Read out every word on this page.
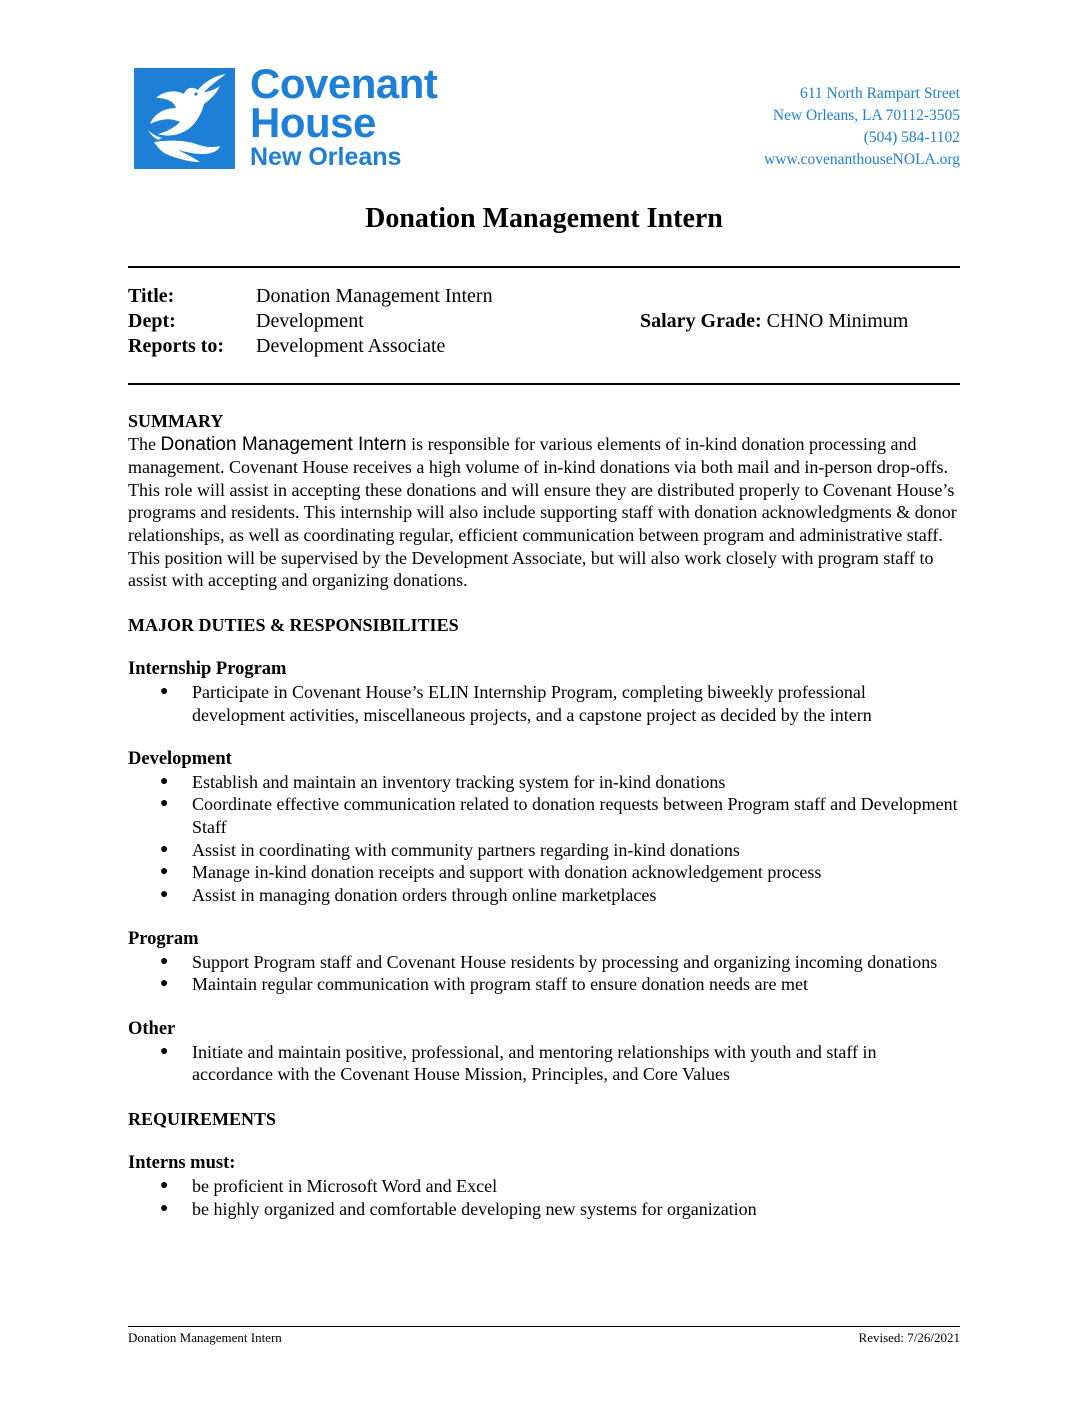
Covenant
House
New Orleans
611 North Rampart Street
New Orleans, LA 70112-3505
(504) 584-1102
www.covenanthouseNOLA.org
Donation Management Intern
Title:	Donation Management Intern
Dept:	Development
Reports to:	Development Associate
Salary Grade: CHNO Minimum
SUMMARY

The Donation Management Intern is responsible for various elements of in-kind donation processing and management. Covenant House receives a high volume of in-kind donations via both mail and in-person drop-offs. This role will assist in accepting these donations and will ensure they are distributed properly to Covenant House’s programs and residents. This internship will also include supporting staff with donation acknowledgments & donor relationships, as well as coordinating regular, efficient communication between program and administrative staff. This position will be supervised by the Development Associate, but will also work closely with program staff to assist with accepting and organizing donations.

MAJOR DUTIES & RESPONSIBILITIES
Internship Program
● Participate in Covenant House’s ELIN Internship Program, completing biweekly professional development activities, miscellaneous projects, and a capstone project as decided by the intern
Development
● Establish and maintain an inventory tracking system for in-kind donations
● Coordinate effective communication related to donation requests between Program staff and Development Staff
● Assist in coordinating with community partners regarding in-kind donations
● Manage in-kind donation receipts and support with donation acknowledgement process
● Assist in managing donation orders through online marketplaces
Program
● Support Program staff and Covenant House residents by processing and organizing incoming donations
● Maintain regular communication with program staff to ensure donation needs are met
Other
● Initiate and maintain positive, professional, and mentoring relationships with youth and staff in accordance with the Covenant House Mission, Principles, and Core Values
REQUIREMENTS
Interns must:
● be proficient in Microsoft Word and Excel
● be highly organized and comfortable developing new systems for organization
Donation Management Intern	Revised: 7/26/2021
